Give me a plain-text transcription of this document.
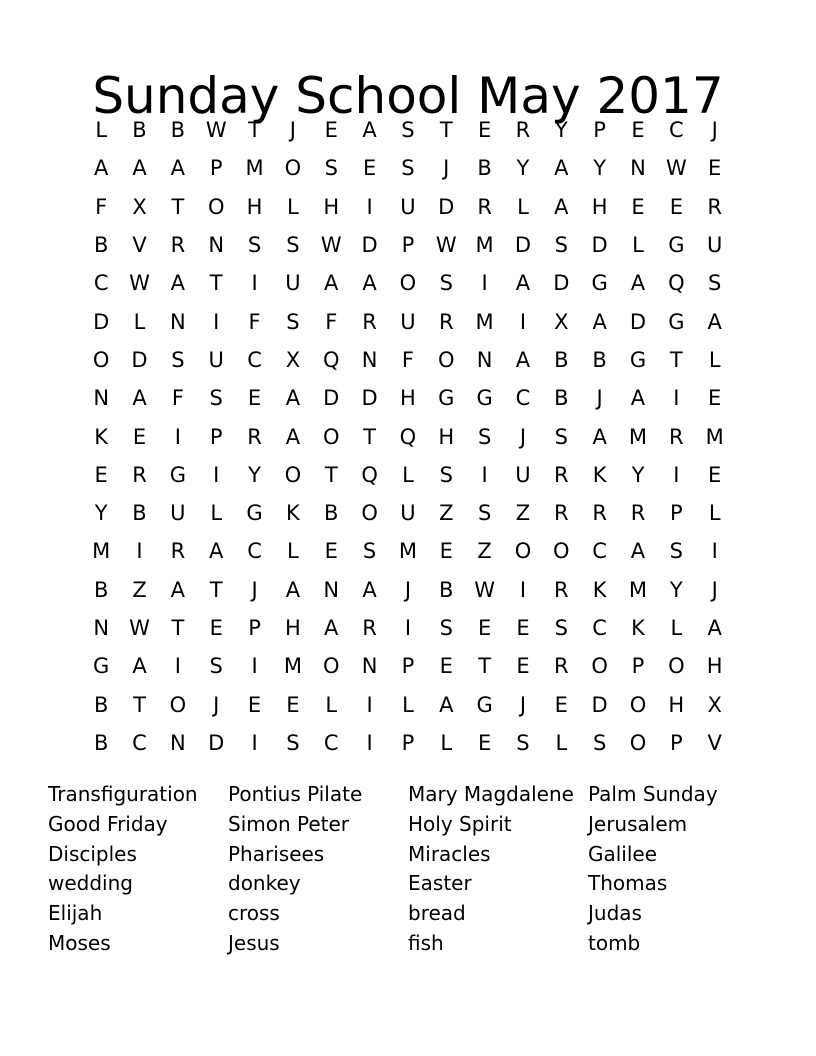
Sunday School May 2017
L	B	B W	T	J	E	A	S	T	E	R	Y	P	E	C	J
A	A	A	P	M	O	S	E	S	J	B	Y	A	Y	N W	E
F	X	T	O	H	L	H	I	U	D	R	L	A	H	E	E	R
B	V	R	N	S	S	W D	P	W M	D	S	D	L	G	U
C W A	T	I	U	A	A	O	S	I	A	D	G	A	Q	S
D	L	N	I	F	S	F	R	U	R	M	I	X	A	D	G	A
O	D	S	U	C	X	Q	N	F	O	N	A	B	B	G	T	L
N	A	F	S	E	A	D	D	H	G	G	C	B	J	A	I	E
K	E	I	P	R	A	O	T	Q	H	S	J	S	A	M	R	M
E	R	G	I	Y	O	T	Q	L	S	I	U	R	K	Y	I	E
Y	B	U	L	G	K	B	O	U	Z	S	Z	R	R	R	P	L
M	I	R	A	C	L	E	S	M	E	Z	O	O	C	A	S	I
B	Z	A	T	J	A	N	A	J	B W	I	R	K	M	Y	J
N W	T	E	P	H	A	R	I	S	E	E	S	C	K	L	A
G	A	I	S	I	M	O	N	P	E	T	E	R	O	P	O	H
B	T	O	J	E	E	L	I	L	A	G	J	E	D	O	H	X
B	C	N	D	I	S	C	I	P	L	E	S	L	S	O	P	V
Transfiguration
Good Friday
Disciples
wedding
Elijah
Moses
Pontius Pilate
Simon Peter
Pharisees
donkey
cross
Jesus
Mary Magdalene
Holy Spirit
Miracles
Easter
bread
fish
Palm Sunday
Jerusalem
Galilee
Thomas
Judas
tomb
